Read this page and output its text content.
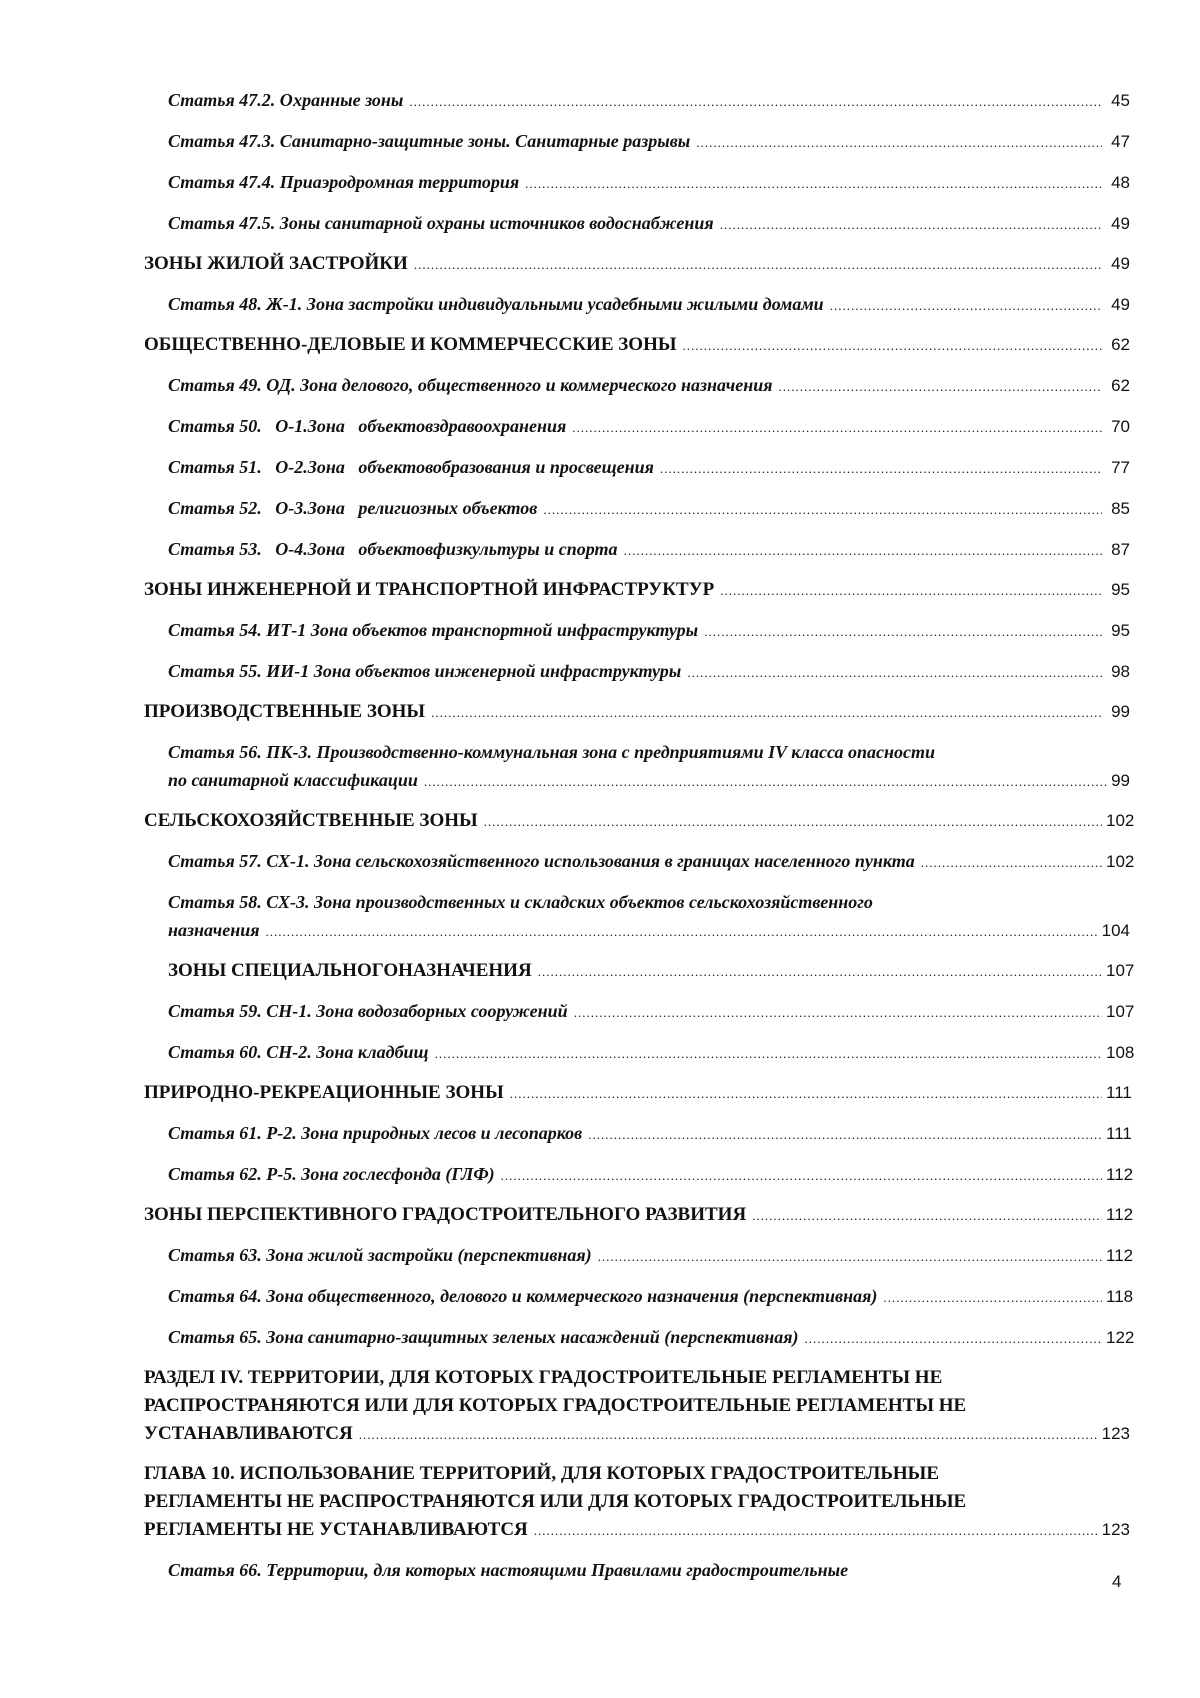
Статья 47.2. Охранные зоны .....	45
Статья 47.3. Санитарно-защитные зоны. Санитарные разрывы .....	47
Статья 47.4. Приаэродромная территория .....	48
Статья 47.5. Зоны санитарной охраны источников водоснабжения .....	49
ЗОНЫ ЖИЛОЙ ЗАСТРОЙКИ .....	49
Статья 48. Ж-1. Зона застройки индивидуальными усадебными жилыми домами .....	49
ОБЩЕСТВЕННО-ДЕЛОВЫЕ И КОММЕРЧЕССКИЕ ЗОНЫ .....	62
Статья 49. ОД. Зона делового, общественного и коммерческого назначения .....	62
Статья 50.   О-1.Зона   объектовздравоохранения .....	70
Статья 51.   О-2.Зона   объектовобразования и просвещения .....	77
Статья 52.   О-3.Зона   религиозных объектов .....	85
Статья 53.   О-4.Зона   объектовфизкультуры и спорта .....	87
ЗОНЫ ИНЖЕНЕРНОЙ И ТРАНСПОРТНОЙ ИНФРАСТРУКТУР .....	95
Статья 54. ИТ-1 Зона объектов транспортной инфраструктуры .....	95
Статья 55. ИИ-1 Зона объектов инженерной инфраструктуры .....	98
ПРОИЗВОДСТВЕННЫЕ ЗОНЫ .....	99
Статья 56. ПК-3. Производственно-коммунальная зона с предприятиями IV класса опасности
по санитарной классификации .....	99
СЕЛЬСКОХОЗЯЙСТВЕННЫЕ ЗОНЫ .....	102
Статья 57. СХ-1. Зона сельскохозяйственного использования в границах населенного пункта .....	102
Статья 58. СХ-3. Зона производственных и складских объектов сельскохозяйственного
назначения .....	104
ЗОНЫ СПЕЦИАЛЬНОГОНАЗНАЧЕНИЯ .....	107
Статья 59. СН-1. Зона водозаборных сооружений .....	107
Статья 60. СН-2. Зона кладбищ .....	108
ПРИРОДНО-РЕКРЕАЦИОННЫЕ ЗОНЫ .....	111
Статья 61. Р-2. Зона природных лесов и лесопарков .....	111
Статья 62. Р-5. Зона гослесфонда (ГЛФ) .....	112
ЗОНЫ ПЕРСПЕКТИВНОГО ГРАДОСТРОИТЕЛЬНОГО РАЗВИТИЯ .....	112
Статья 63. Зона жилой застройки (перспективная) .....	112
Статья 64. Зона общественного, делового и коммерческого назначения (перспективная) .....	118
Статья 65. Зона санитарно-защитных зеленых насаждений (перспективная) .....	122
РАЗДЕЛ IV. ТЕРРИТОРИИ, ДЛЯ КОТОРЫХ ГРАДОСТРОИТЕЛЬНЫЕ РЕГЛАМЕНТЫ НЕ
РАСПРОСТРАНЯЮТСЯ ИЛИ ДЛЯ КОТОРЫХ ГРАДОСТРОИТЕЛЬНЫЕ РЕГЛАМЕНТЫ НЕ
УСТАНАВЛИВАЮТСЯ .....	123
ГЛАВА 10. ИСПОЛЬЗОВАНИЕ ТЕРРИТОРИЙ, ДЛЯ КОТОРЫХ ГРАДОСТРОИТЕЛЬНЫЕ
РЕГЛАМЕНТЫ НЕ РАСПРОСТРАНЯЮТСЯ ИЛИ ДЛЯ КОТОРЫХ ГРАДОСТРОИТЕЛЬНЫЕ
РЕГЛАМЕНТЫ НЕ УСТАНАВЛИВАЮТСЯ .....	123
Статья 66. Территории, для которых настоящими Правилами градостроительные
4
